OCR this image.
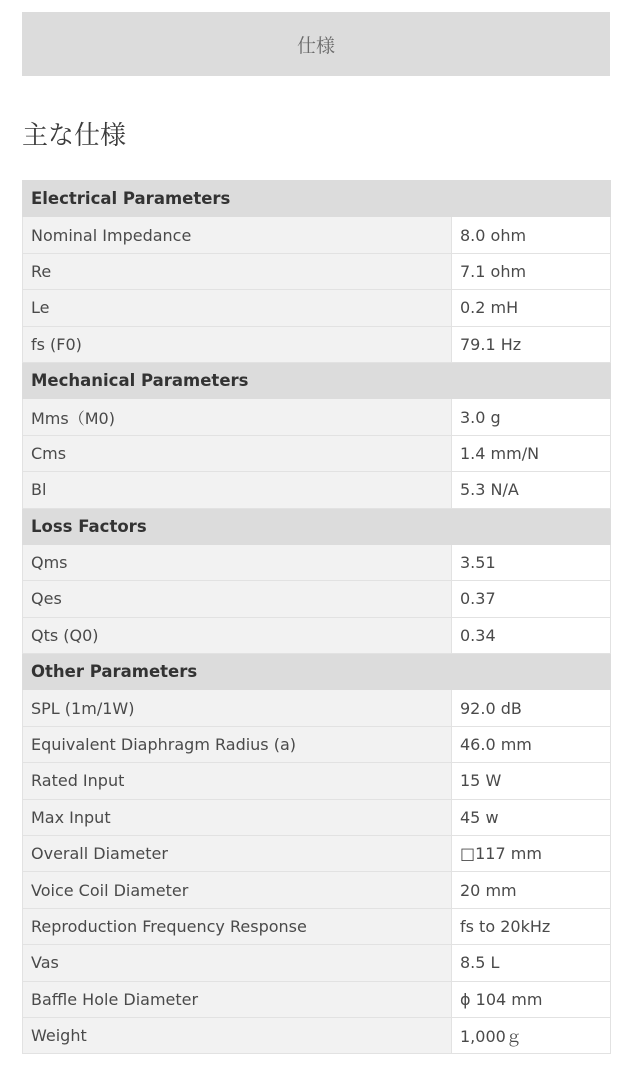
仕様
主な仕様
Electrical Parameters	
Nominal Impedance	8.0 ohm
Re	7.1 ohm
Le	0.2 mH
fs (F0)	79.1 Hz
Mechanical Parameters	
Mms（M0)	3.0 g
Cms	1.4 mm/N
Bl	5.3 N/A
Loss Factors	
Qms	3.51
Qes	0.37
Qts (Q0)	0.34
Other Parameters	
SPL (1m/1W)	92.0 dB
Equivalent Diaphragm Radius (a)	46.0 mm
Rated Input	15 W
Max Input	45 w
Overall Diameter	□117 mm
Voice Coil Diameter	20 mm
Reproduction Frequency Response	fs to 20kHz
Vas	8.5 L
Baffle Hole Diameter	ϕ 104 mm
Weight	1,000ｇ
